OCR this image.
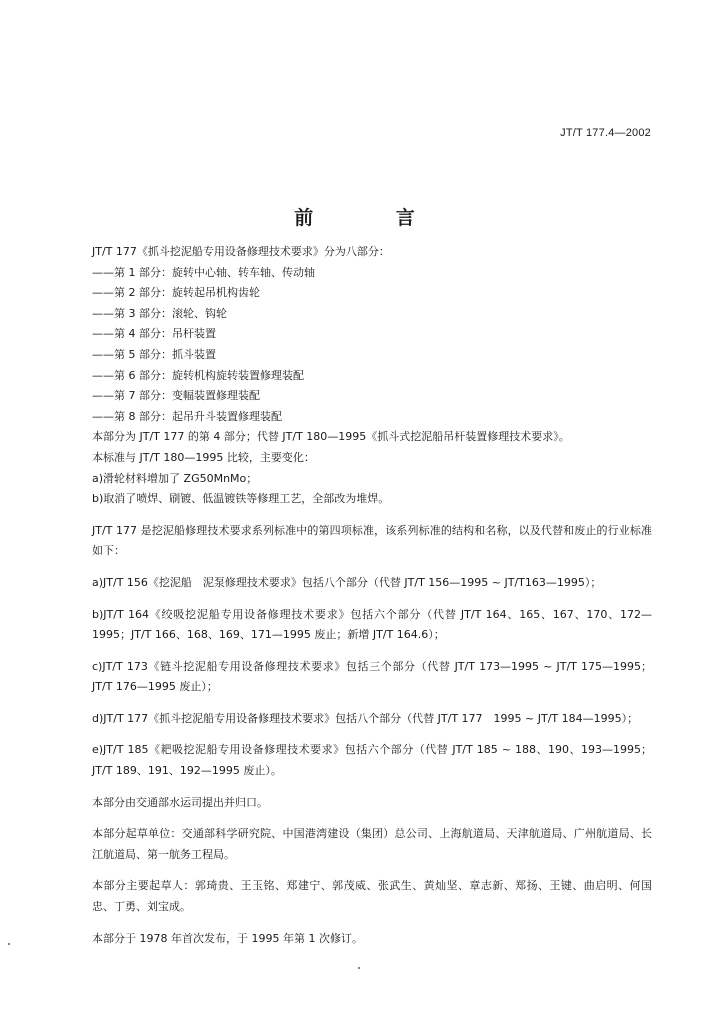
JT/T 177.4—2002
前 言

JT/T 177《抓斗挖泥船专用设备修理技术要求》分为八部分：

——第 1 部分：旋转中心轴、转车轴、传动轴

——第 2 部分：旋转起吊机构齿轮

——第 3 部分：滚轮、钩轮

——第 4 部分：吊杆装置

——第 5 部分：抓斗装置

——第 6 部分：旋转机构旋转装置修理装配

——第 7 部分：变幅装置修理装配

——第 8 部分：起吊升斗装置修理装配

本部分为 JT/T 177 的第 4 部分；代替 JT/T 180—1995《抓斗式挖泥船吊杆装置修理技术要求》。

本标准与 JT/T 180—1995 比较，主要变化：

a)滑轮材料增加了 ZG50MnMo；

b)取消了喷焊、刷镀、低温镀铁等修理工艺，全部改为堆焊。

JT/T 177 是挖泥船修理技术要求系列标准中的第四项标准，该系列标准的结构和名称，以及代替和废止的行业标准如下：

a)JT/T 156《挖泥船　泥泵修理技术要求》包括八个部分（代替 JT/T 156—1995 ~ JT/T163—1995）；

b)JT/T 164《绞吸挖泥船专用设备修理技术要求》包括六个部分（代替 JT/T 164、165、167、170、172—1995；JT/T 166、168、169、171—1995 废止；新增 JT/T 164.6）；

c)JT/T 173《链斗挖泥船专用设备修理技术要求》包括三个部分（代替 JT/T 173—1995 ~ JT/T 175—1995；JT/T 176—1995 废止）；

d)JT/T 177《抓斗挖泥船专用设备修理技术要求》包括八个部分（代替 JT/T 177　1995 ~ JT/T 184—1995）；

e)JT/T 185《耙吸挖泥船专用设备修理技术要求》包括六个部分（代替 JT/T 185 ~ 188、190、193—1995；JT/T 189、191、192—1995 废止）。

本部分由交通部水运司提出并归口。

本部分起草单位：交通部科学研究院、中国港湾建设（集团）总公司、上海航道局、天津航道局、广州航道局、长江航道局、第一航务工程局。

本部分主要起草人：郭琦贵、王玉铭、郑建宁、郭茂威、张武生、黄灿坚、章志新、郑扬、王键、曲启明、何国忠、丁勇、刘宝成。

本部分于 1978 年首次发布，于 1995 年第 1 次修订。
